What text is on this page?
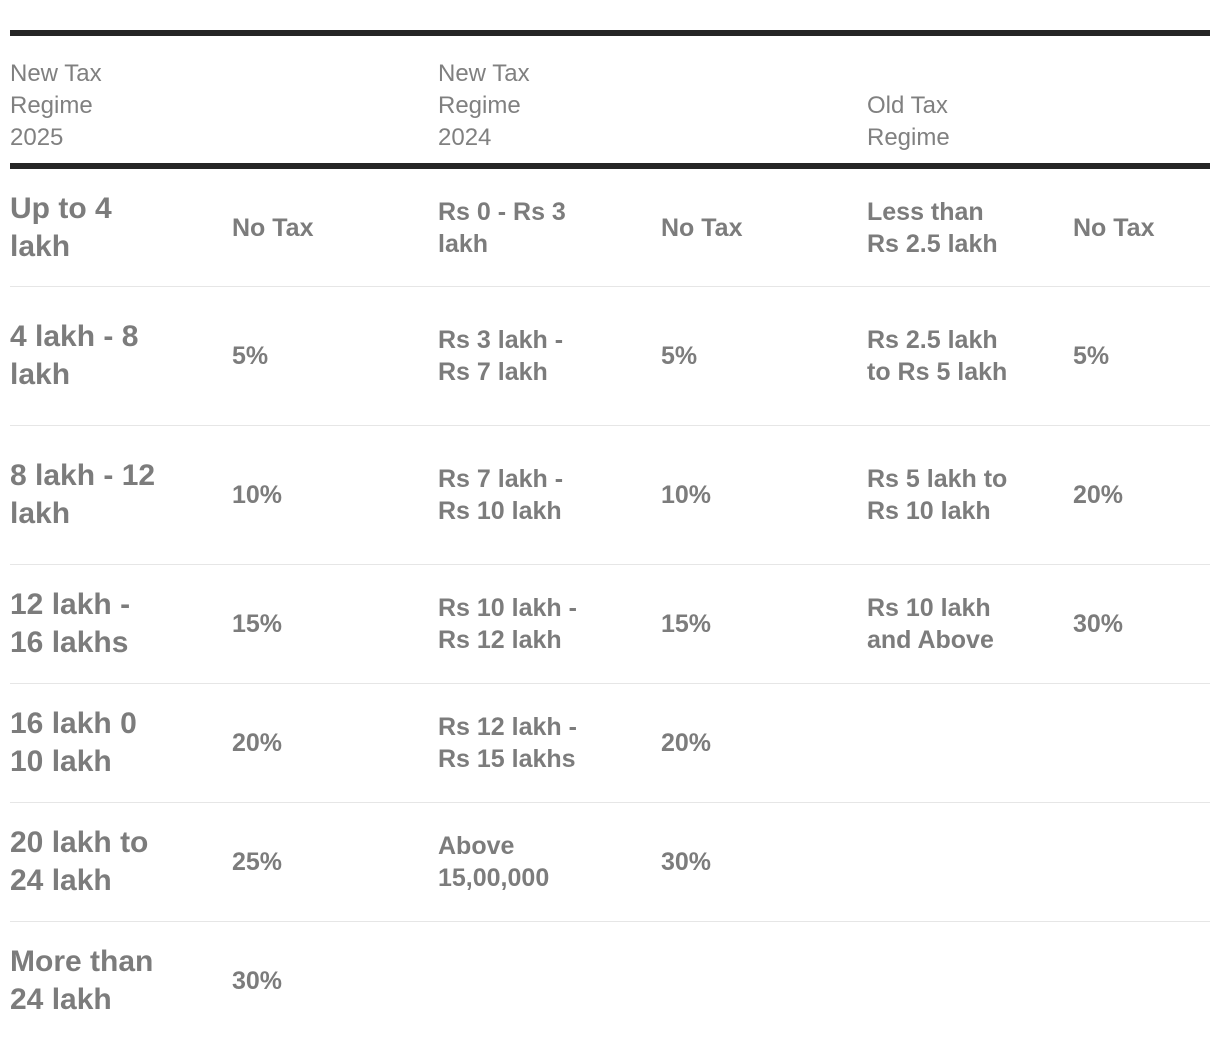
New Tax
Regime
2025
New Tax
Regime
2024
Old Tax
Regime
Up to 4 lakh
No Tax
Rs 0 - Rs 3 lakh
No Tax
Less than Rs 2.5 lakh
No Tax
4 lakh - 8 lakh
5%
Rs 3 lakh - Rs 7 lakh
5%
Rs 2.5 lakh to Rs 5 lakh
5%
8 lakh - 12 lakh
10%
Rs 7 lakh - Rs 10 lakh
10%
Rs 5 lakh to Rs 10 lakh
20%
12 lakh - 16 lakhs
15%
Rs 10 lakh - Rs 12 lakh
15%
Rs 10 lakh and Above
30%
16 lakh 0 10 lakh
20%
Rs 12 lakh - Rs 15 lakhs
20%
20 lakh to 24 lakh
25%
Above 15,00,000
30%
More than 24 lakh
30%
